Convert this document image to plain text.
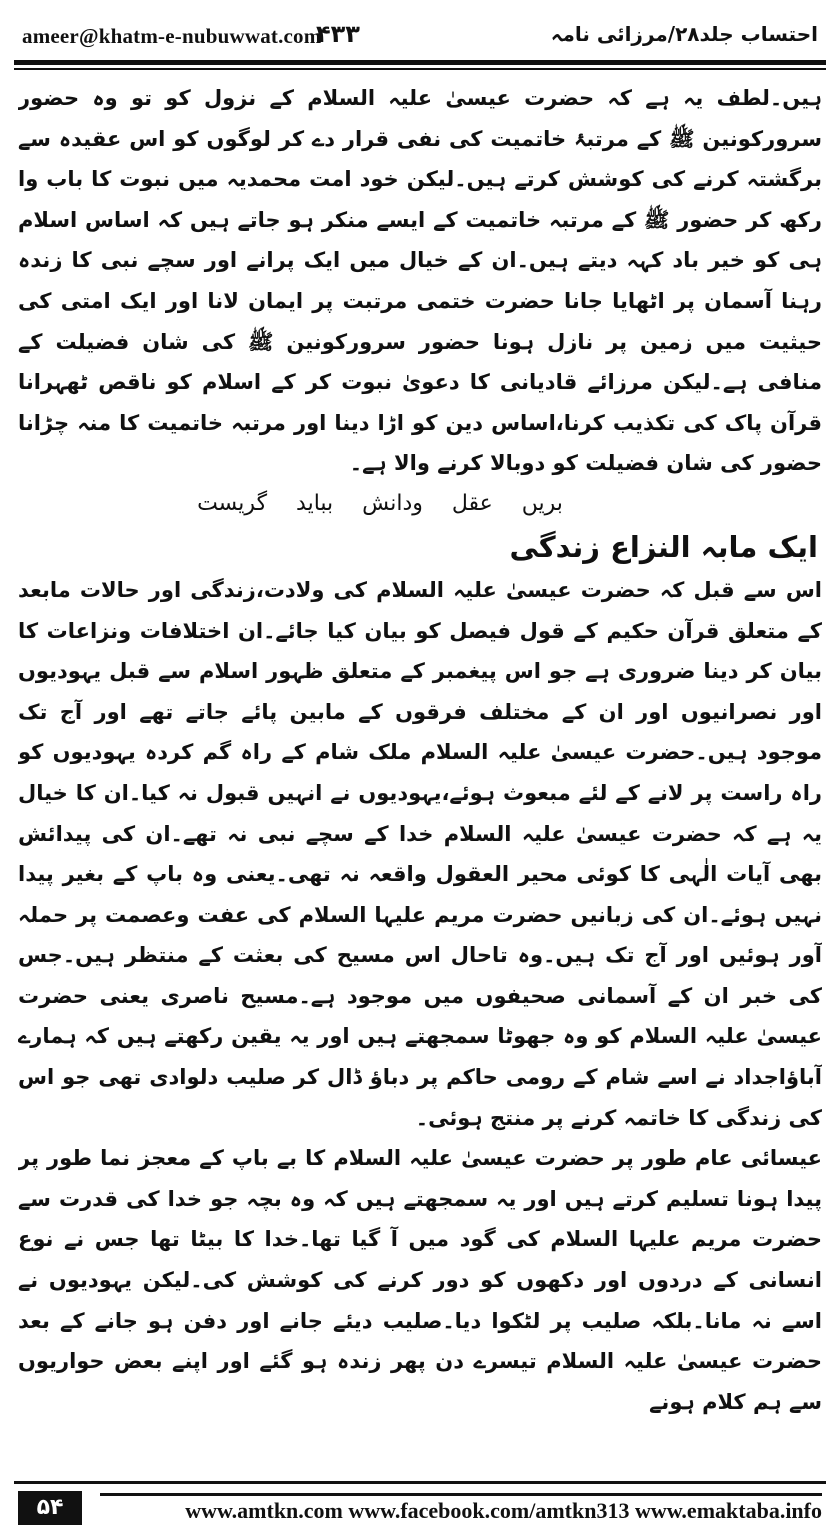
ameer@khatm-e-nubuwwat.com
۴۳۳	احتساب جلد۲۸/مرزائی نامہ

ہیں۔لطف یہ ہے کہ حضرت عیسیٰ علیہ السلام کے نزول کو تو وہ حضور سرورکونین ﷺ کے مرتبۂ خاتمیت کی نفی قرار دے کر لوگوں کو اس عقیدہ سے برگشتہ کرنے کی کوشش کرتے ہیں۔لیکن خود امت محمدیہ میں نبوت کا باب وا رکھ کر حضور ﷺ کے مرتبہ خاتمیت کے ایسے منکر ہو جاتے ہیں کہ اساس اسلام ہی کو خیر باد کہہ دیتے ہیں۔ان کے خیال میں ایک پرانے اور سچے نبی کا زندہ رہنا آسمان پر اٹھایا جانا حضرت ختمی مرتبت پر ایمان لانا اور ایک امتی کی حیثیت میں زمین پر نازل ہونا حضور سرورکونین ﷺ کی شان فضیلت کے منافی ہے۔لیکن مرزائے قادیانی کا دعویٰ نبوت کر کے اسلام کو ناقص ٹھہرانا قرآن پاک کی تکذیب کرنا،اساس دین کو اڑا دینا اور مرتبہ خاتمیت کا منہ چڑانا حضور کی شان فضیلت کو دوبالا کرنے والا ہے۔

بریں عقل ودانش بباید گریست

ایک مابہ النزاع زندگی

اس سے قبل کہ حضرت عیسیٰ علیہ السلام کی ولادت،زندگی اور حالات مابعد کے متعلق قرآن حکیم کے قول فیصل کو بیان کیا جائے۔ان اختلافات ونزاعات کا بیان کر دینا ضروری ہے جو اس پیغمبر کے متعلق ظہور اسلام سے قبل یہودیوں اور نصرانیوں اور ان کے مختلف فرقوں کے مابین پائے جاتے تھے اور آج تک موجود ہیں۔حضرت عیسیٰ علیہ السلام ملک شام کے راہ گم کردہ یہودیوں کو راہ راست پر لانے کے لئے مبعوث ہوئے،یہودیوں نے انہیں قبول نہ کیا۔ان کا خیال یہ ہے کہ حضرت عیسیٰ علیہ السلام خدا کے سچے نبی نہ تھے۔ان کی پیدائش بھی آیات الٰہی کا کوئی محیر العقول واقعہ نہ تھی۔یعنی وہ باپ کے بغیر پیدا نہیں ہوئے۔ان کی زبانیں حضرت مریم علیہا السلام کی عفت وعصمت پر حملہ آور ہوئیں اور آج تک ہیں۔وہ تاحال اس مسیح کی بعثت کے منتظر ہیں۔جس کی خبر ان کے آسمانی صحیفوں میں موجود ہے۔مسیح ناصری یعنی حضرت عیسیٰ علیہ السلام کو وہ جھوٹا سمجھتے ہیں اور یہ یقین رکھتے ہیں کہ ہمارے آباؤاجداد نے اسے شام کے رومی حاکم پر دباؤ ڈال کر صلیب دلوادی تھی جو اس کی زندگی کا خاتمہ کرنے پر منتج ہوئی۔

عیسائی عام طور پر حضرت عیسیٰ علیہ السلام کا بے باپ کے معجز نما طور پر پیدا ہونا تسلیم کرتے ہیں اور یہ سمجھتے ہیں کہ وہ بچہ جو خدا کی قدرت سے حضرت مریم علیہا السلام کی گود میں آ گیا تھا۔خدا کا بیٹا تھا جس نے نوع انسانی کے دردوں اور دکھوں کو دور کرنے کی کوشش کی۔لیکن یہودیوں نے اسے نہ مانا۔بلکہ صلیب پر لٹکوا دیا۔صلیب دیئے جانے اور دفن ہو جانے کے بعد حضرت عیسیٰ علیہ السلام تیسرے دن پھر زندہ ہو گئے اور اپنے بعض حواریوں سے ہم کلام ہونے

۵۴	www.amtkn.com www.facebook.com/amtkn313 www.emaktaba.info
